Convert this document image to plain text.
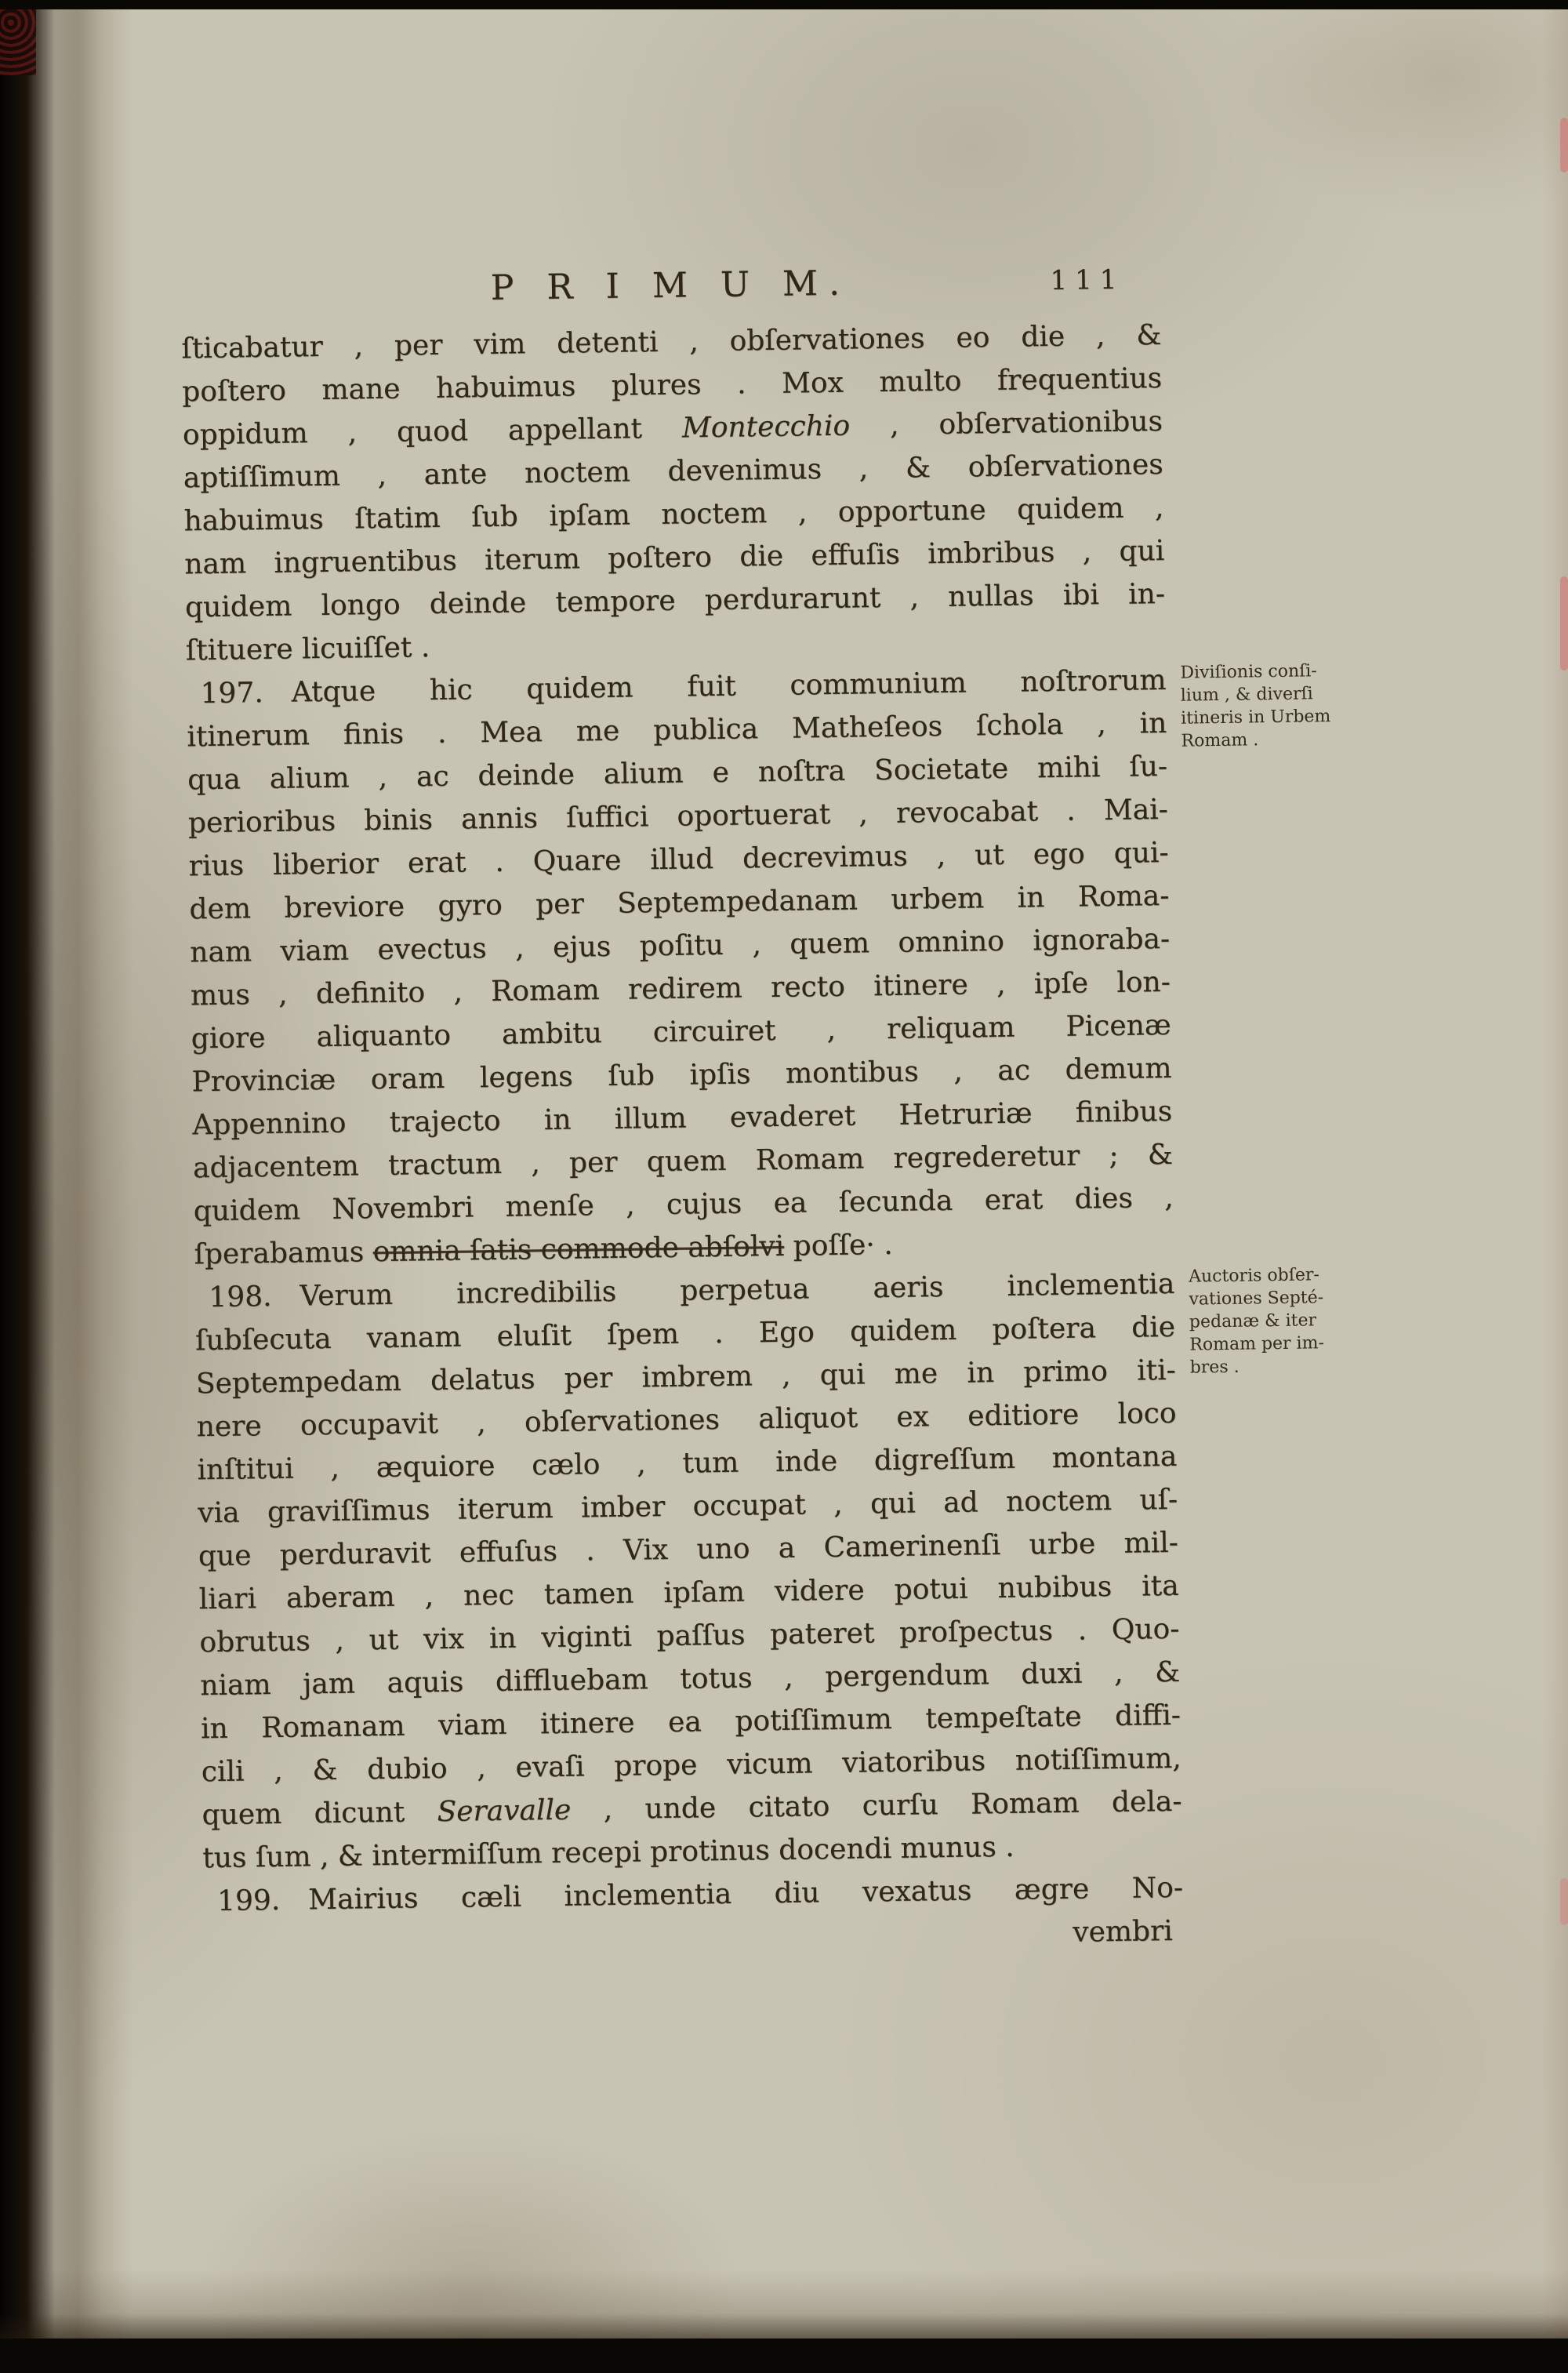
P R I M U M.	111
ſticabatur , per vim detenti , obſervationes eo die , &
poſtero mane habuimus plures . Mox multo frequentius
oppidum , quod appellant Montecchio , obſervationibus
aptiſſimum , ante noctem devenimus , & obſervationes
habuimus ſtatim ſub ipſam noctem , opportune quidem ,
nam ingruentibus iterum poſtero die effuſis imbribus , qui
quidem longo deinde tempore perdurarunt , nullas ibi in-
ſtituere licuiſſet .
 197. Atque hic quidem fuit communium noſtrorum
itinerum finis . Mea me publica Matheſeos ſchola , in
qua alium , ac deinde alium e noſtra Societate mihi ſu-
perioribus binis annis ſuffici oportuerat , revocabat . Mai-
rius liberior erat . Quare illud decrevimus , ut ego qui-
dem breviore gyro per Septempedanam urbem in Roma-
nam viam evectus , ejus poſitu , quem omnino ignoraba-
mus , definito , Romam redirem recto itinere , ipſe lon-
giore aliquanto ambitu circuiret , reliquam Picenæ
Provinciæ oram legens ſub ipſis montibus , ac demum
Appennino trajecto in illum evaderet Hetruriæ finibus
adjacentem tractum , per quem Romam regrederetur ; &
quidem Novembri menſe , cujus ea ſecunda erat dies ,
ſperabamus omnia ſatis commode abſolvi poſſe· .
Diviſionis conſi-
lium , & diverſi
itineris in Urbem
Romam .
 198. Verum incredibilis perpetua aeris inclementia
ſubſecuta vanam eluſit ſpem . Ego quidem poſtera die
Septempedam delatus per imbrem , qui me in primo iti-
nere occupavit , obſervationes aliquot ex editiore loco
inſtitui , æquiore cælo , tum inde digreſſum montana
via graviſſimus iterum imber occupat , qui ad noctem uſ-
que perduravit effuſus . Vix uno a Camerinenſi urbe mil-
liari aberam , nec tamen ipſam videre potui nubibus ita
obrutus , ut vix in viginti paſſus pateret proſpectus . Quo-
niam jam aquis diffluebam totus , pergendum duxi , &
in Romanam viam itinere ea potiſſimum tempeſtate diffi-
cili , & dubio , evaſi prope vicum viatoribus notiſſimum,
quem dicunt Seravalle , unde citato curſu Romam dela-
tus ſum , & intermiſſum recepi protinus docendi munus .
Auctoris obſer-
vationes Septé-
pedanæ & iter
Romam per im-
bres .
 199. Mairius cæli inclementia diu vexatus ægre No-
vembri
